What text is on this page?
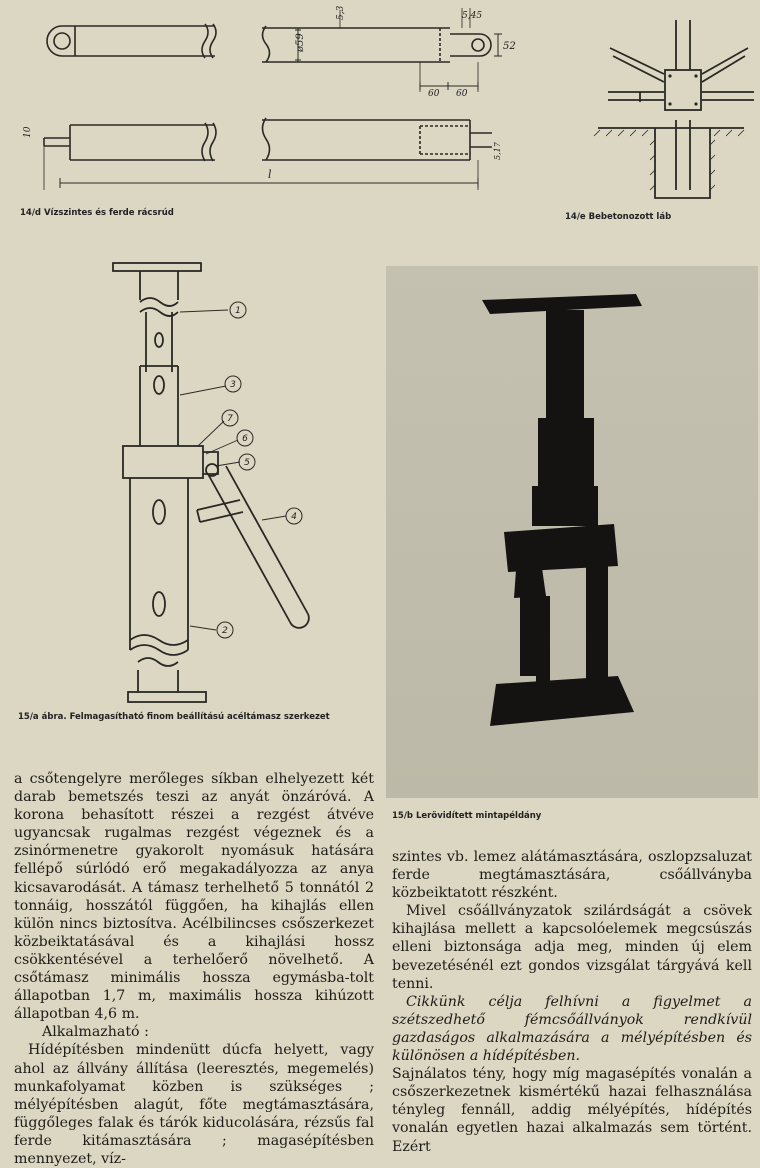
ø59
5,3	5,45
52
60 60
10
5,17
l
14/d Vízszintes és ferde rácsrúd	14/e Bebetonozott láb
1
3
7
6
5
4
2
15/a ábra. Felmagasítható finom beállítású acéltámasz szerkezet
15/b Lerövidített mintapéldány

a csőtengelyre merőleges síkban elhelyezett két darab bemetszés teszi az anyát önzáróvá. A korona behasított részei a rezgést átvéve ugyancsak rugalmas rezgést végeznek és a zsinórmenetre gyakorolt nyomásuk hatására fellépő súrlódó erő megakadályozza az anya kicsavarodását. A támasz terhelhető 5 tonnától 2 tonnáig, hosszától függően, ha kihajlás ellen külön nincs biztosítva. Acélbilincses csőszerkezet közbeiktatásával és a kihajlási hossz csökkentésével a terhelőerő növelhető. A csőtámasz minimális hossza egymásba-tolt állapotban 1,7 m, maximális hossza kihúzott állapotban 4,6 m.

Alkalmazható :

Hídépítésben mindenütt dúcfa helyett, vagy ahol az állvány állítása (leeresztés, megemelés) munkafolyamat közben is szükséges ; mélyépítésben alagút, főte megtámasztására, függőleges falak és tárók kiducolására, rézsűs fal ferde kitámasztására ; magasépítésben mennyezet, víz-

szintes vb. lemez alátámasztására, oszlopzsaluzat ferde megtámasztására, csőállványba közbeiktatott részként.

Mivel csőállványzatok szilárdságát a csövek kihajlása mellett a kapcsolóelemek megcsúszás elleni biztonsága adja meg, minden új elem bevezetésénél ezt gondos vizsgálat tárgyává kell tenni.

Cikkünk célja felhívni a figyelmet a szétszedhető fémcsőállványok rendkívül gazdaságos alkalmazására a mélyépítésben és különösen a hídépítésben.

Sajnálatos tény, hogy míg magasépítés vonalán a csőszerkezetnek kismértékű hazai felhasználása tényleg fennáll, addig mélyépítés, hídépítés vonalán egyetlen hazai alkalmazás sem történt. Ezért
